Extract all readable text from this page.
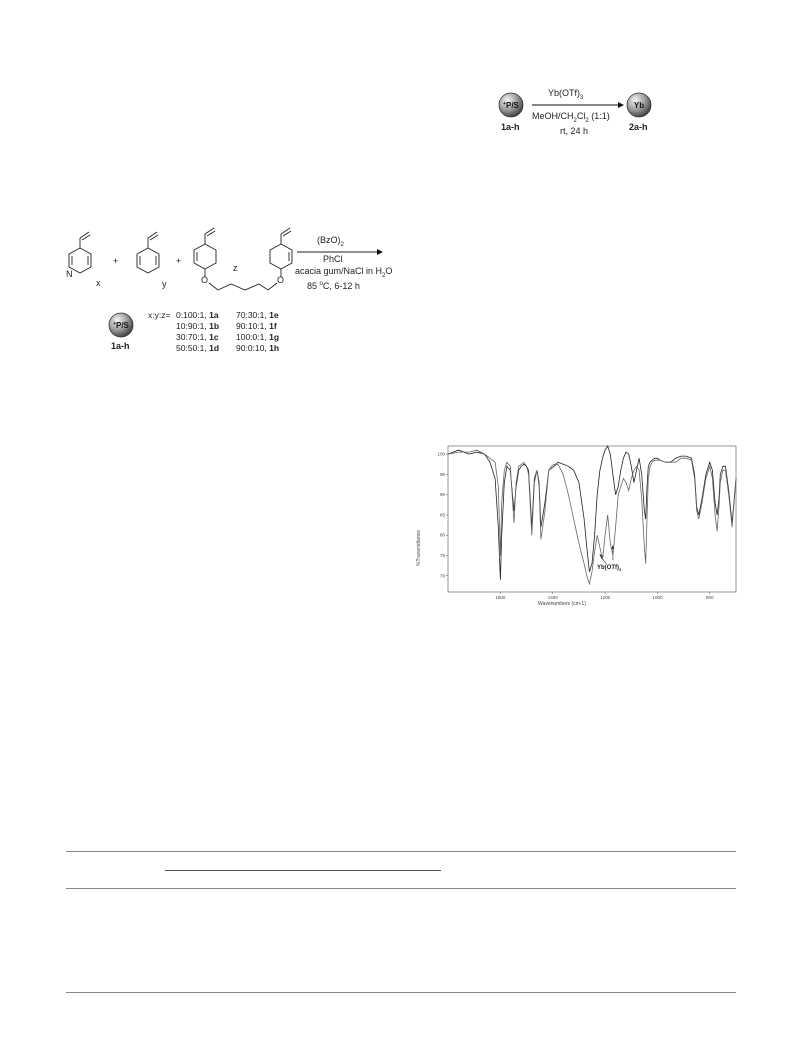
+P/S	Yb
$Yb(OTf)_3$
MeOH/$CH_2Cl_2$ (1:1)
rt, 24 h
1a-h	2a-h
+P/S
N
x
+
y
+
O	O
z
$(BzO)_2$
PhCl
acacia gum/NaCl in $H_2O$
85 $^o$C, 6-12 h
1a-h
x:y:z= 0:100:1, 1a
10:90:1, 1b
30:70:1, 1c
50:50:1, 1d
70:30:1, 1e
90:10:1, 1f
100:0:1, 1g
90:0:10, 1h
1600	1400	1200	1000	800
100
95
90
85
80
75
70
%Transmittance
Wavenumbers (cm-1)
$Yb(OTf)_3$
